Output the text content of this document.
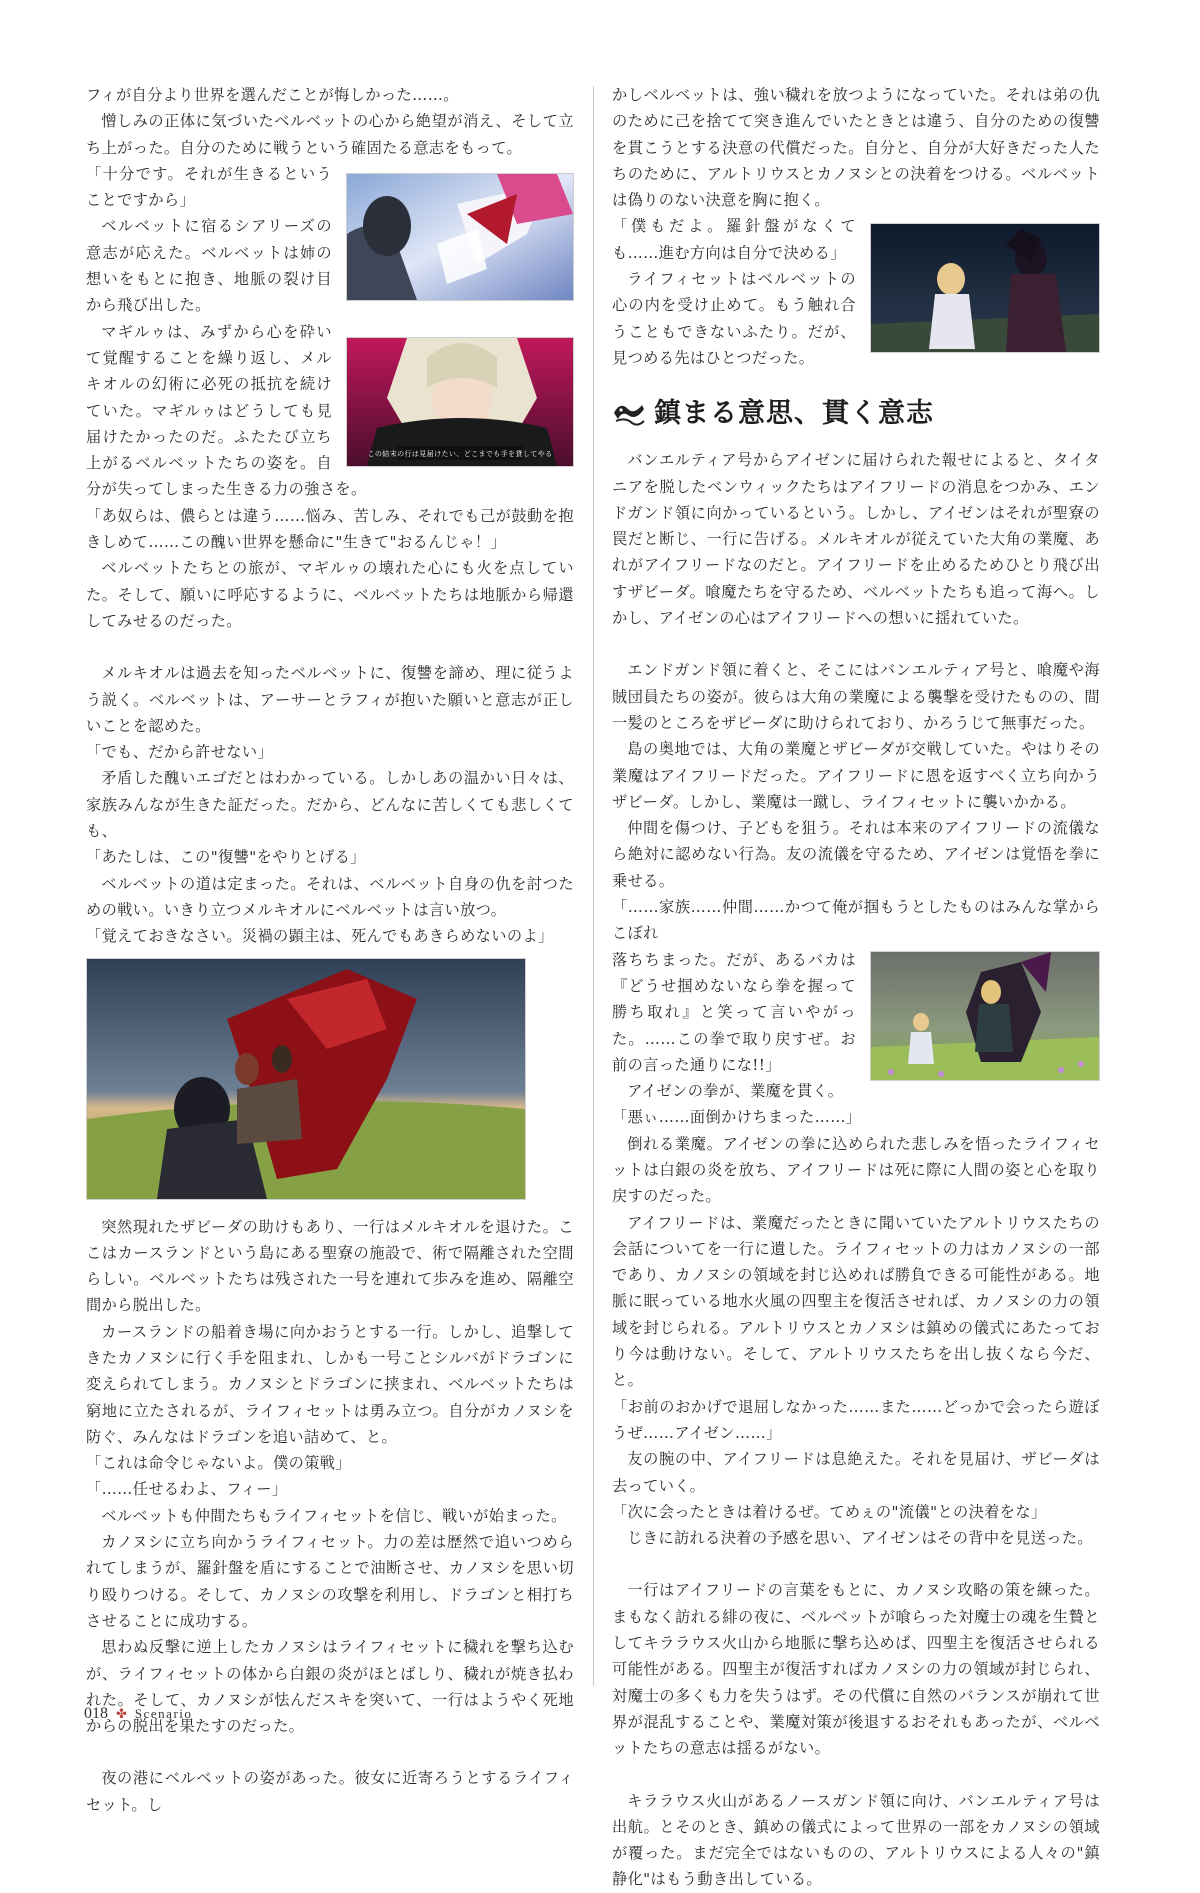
フィが自分より世界を選んだことが悔しかった……。

憎しみの正体に気づいたベルベットの心から絶望が消え、そして立ち上がった。自分のために戦うという確固たる意志をもって。

「十分です。それが生きるということですから」

ベルベットに宿るシアリーズの意志が応えた。ベルベットは姉の想いをもとに抱き、地脈の裂け目から飛び出した。

この結末の行は見届けたい、どこまでも手を貸してやる

マギルゥは、みずから心を砕いて覚醒することを繰り返し、メルキオルの幻術に必死の抵抗を続けていた。マギルゥはどうしても見届けたかったのだ。ふたたび立ち上がるベルベットたちの姿を。自分が失ってしまった生きる力の強さを。

「あ奴らは、儂らとは違う……悩み、苦しみ、それでも己が鼓動を抱きしめて……この醜い世界を懸命に"生きて"おるんじゃ！」

ベルベットたちとの旅が、マギルゥの壊れた心にも火を点していた。そして、願いに呼応するように、ベルベットたちは地脈から帰還してみせるのだった。

メルキオルは過去を知ったベルベットに、復讐を諦め、理に従うよう説く。ベルベットは、アーサーとラフィが抱いた願いと意志が正しいことを認めた。

「でも、だから許せない」

矛盾した醜いエゴだとはわかっている。しかしあの温かい日々は、家族みんなが生きた証だった。だから、どんなに苦しくても悲しくても、

「あたしは、この"復讐"をやりとげる」

ベルベットの道は定まった。それは、ベルベット自身の仇を討つための戦い。いきり立つメルキオルにベルベットは言い放つ。

「覚えておきなさい。災禍の顕主は、死んでもあきらめないのよ」

突然現れたザビーダの助けもあり、一行はメルキオルを退けた。ここはカースランドという島にある聖寮の施設で、術で隔離された空間らしい。ベルベットたちは残された一号を連れて歩みを進め、隔離空間から脱出した。

カースランドの船着き場に向かおうとする一行。しかし、追撃してきたカノヌシに行く手を阻まれ、しかも一号ことシルバがドラゴンに変えられてしまう。カノヌシとドラゴンに挟まれ、ベルベットたちは窮地に立たされるが、ライフィセットは勇み立つ。自分がカノヌシを防ぐ、みんなはドラゴンを追い詰めて、と。

「これは命令じゃないよ。僕の策戦」

「……任せるわよ、フィー」

ベルベットも仲間たちもライフィセットを信じ、戦いが始まった。

カノヌシに立ち向かうライフィセット。力の差は歴然で追いつめられてしまうが、羅針盤を盾にすることで油断させ、カノヌシを思い切り殴りつける。そして、カノヌシの攻撃を利用し、ドラゴンと相打ちさせることに成功する。

思わぬ反撃に逆上したカノヌシはライフィセットに穢れを撃ち込むが、ライフィセットの体から白銀の炎がほとばしり、穢れが焼き払われた。そして、カノヌシが怯んだスキを突いて、一行はようやく死地からの脱出を果たすのだった。

夜の港にベルベットの姿があった。彼女に近寄ろうとするライフィセット。し

かしベルベットは、強い穢れを放つようになっていた。それは弟の仇のために己を捨てて突き進んでいたときとは違う、自分のための復讐を貫こうとする決意の代償だった。自分と、自分が大好きだった人たちのために、アルトリウスとカノヌシとの決着をつける。ベルベットは偽りのない決意を胸に抱く。

「僕もだよ。羅針盤がなくても……進む方向は自分で決める」

ライフィセットはベルベットの心の内を受け止めて。もう触れ合うこともできないふたり。だが、見つめる先はひとつだった。

鎮まる意思、貫く意志

バンエルティア号からアイゼンに届けられた報せによると、タイタニアを脱したベンウィックたちはアイフリードの消息をつかみ、エンドガンド領に向かっているという。しかし、アイゼンはそれが聖寮の罠だと断じ、一行に告げる。メルキオルが従えていた大角の業魔、あれがアイフリードなのだと。アイフリードを止めるためひとり飛び出すザビーダ。喰魔たちを守るため、ベルベットたちも追って海へ。しかし、アイゼンの心はアイフリードへの想いに揺れていた。

エンドガンド領に着くと、そこにはバンエルティア号と、喰魔や海賊団員たちの姿が。彼らは大角の業魔による襲撃を受けたものの、間一髪のところをザビーダに助けられており、かろうじて無事だった。

島の奥地では、大角の業魔とザビーダが交戦していた。やはりその業魔はアイフリードだった。アイフリードに恩を返すべく立ち向かうザビーダ。しかし、業魔は一蹴し、ライフィセットに襲いかかる。

仲間を傷つけ、子どもを狙う。それは本来のアイフリードの流儀なら絶対に認めない行為。友の流儀を守るため、アイゼンは覚悟を拳に乗せる。

「……家族……仲間……かつて俺が掴もうとしたものはみんな掌からこぼれ

落ちちまった。だが、あるバカは『どうせ掴めないなら拳を握って勝ち取れ』と笑って言いやがった。……この拳で取り戻すぜ。お前の言った通りにな!!」

アイゼンの拳が、業魔を貫く。

「悪ぃ……面倒かけちまった……」

倒れる業魔。アイゼンの拳に込められた悲しみを悟ったライフィセットは白銀の炎を放ち、アイフリードは死に際に人間の姿と心を取り戻すのだった。

アイフリードは、業魔だったときに聞いていたアルトリウスたちの会話についてを一行に遺した。ライフィセットの力はカノヌシの一部であり、カノヌシの領域を封じ込めれば勝負できる可能性がある。地脈に眠っている地水火風の四聖主を復活させれば、カノヌシの力の領域を封じられる。アルトリウスとカノヌシは鎮めの儀式にあたっており今は動けない。そして、アルトリウスたちを出し抜くなら今だ、と。

「お前のおかげで退屈しなかった……また……どっかで会ったら遊ぼうぜ……アイゼン……」

友の腕の中、アイフリードは息絶えた。それを見届け、ザビーダは去っていく。

「次に会ったときは着けるぜ。てめぇの"流儀"との決着をな」

じきに訪れる決着の予感を思い、アイゼンはその背中を見送った。

一行はアイフリードの言葉をもとに、カノヌシ攻略の策を練った。まもなく訪れる緋の夜に、ベルベットが喰らった対魔士の魂を生贄としてキララウス火山から地脈に撃ち込めば、四聖主を復活させられる可能性がある。四聖主が復活すればカノヌシの力の領域が封じられ、対魔士の多くも力を失うはず。その代償に自然のバランスが崩れて世界が混乱することや、業魔対策が後退するおそれもあったが、ベルベットたちの意志は揺るがない。

キララウス火山があるノースガンド領に向け、バンエルティア号は出航。とそのとき、鎮めの儀式によって世界の一部をカノヌシの領域が覆った。まだ完全ではないものの、アルトリウスによる人々の"鎮静化"はもう動き出している。

018 ✤ Scenario
